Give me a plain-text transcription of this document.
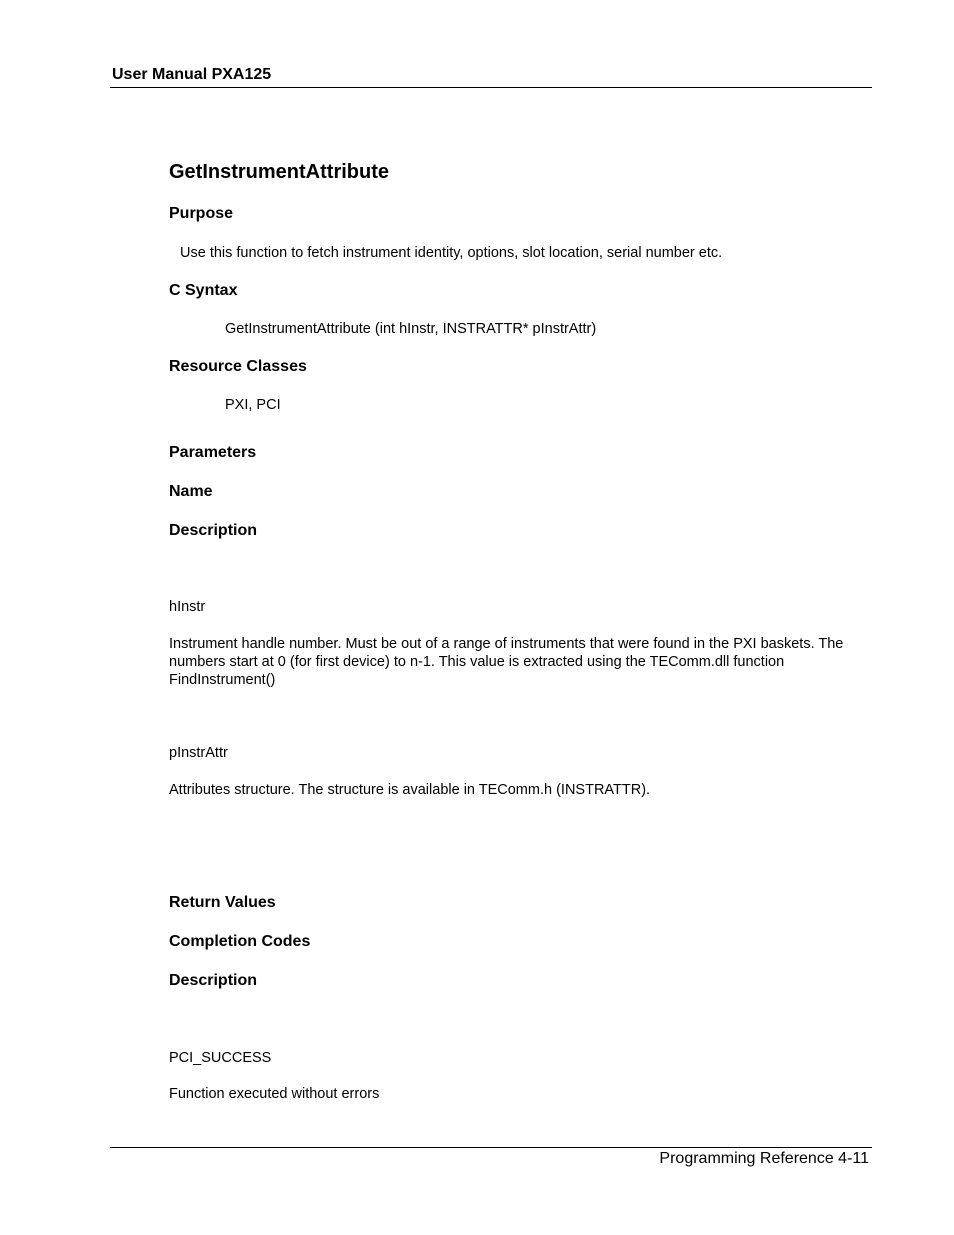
User Manual PXA125
GetInstrumentAttribute
Purpose
Use this function to fetch instrument identity, options, slot location, serial number etc.
C Syntax
GetInstrumentAttribute (int hInstr, INSTRATTR* pInstrAttr)
Resource Classes
PXI, PCI
Parameters
Name
Description
hInstr
Instrument handle number. Must be out of a range of instruments that were found in the PXI baskets. The numbers start at 0 (for first device) to n-1. This value is extracted using the TEComm.dll function FindInstrument()
pInstrAttr
Attributes structure. The structure is available in TEComm.h (INSTRATTR).
Return Values
Completion Codes
Description
PCI_SUCCESS
Function executed without errors
Programming Reference 4-11
